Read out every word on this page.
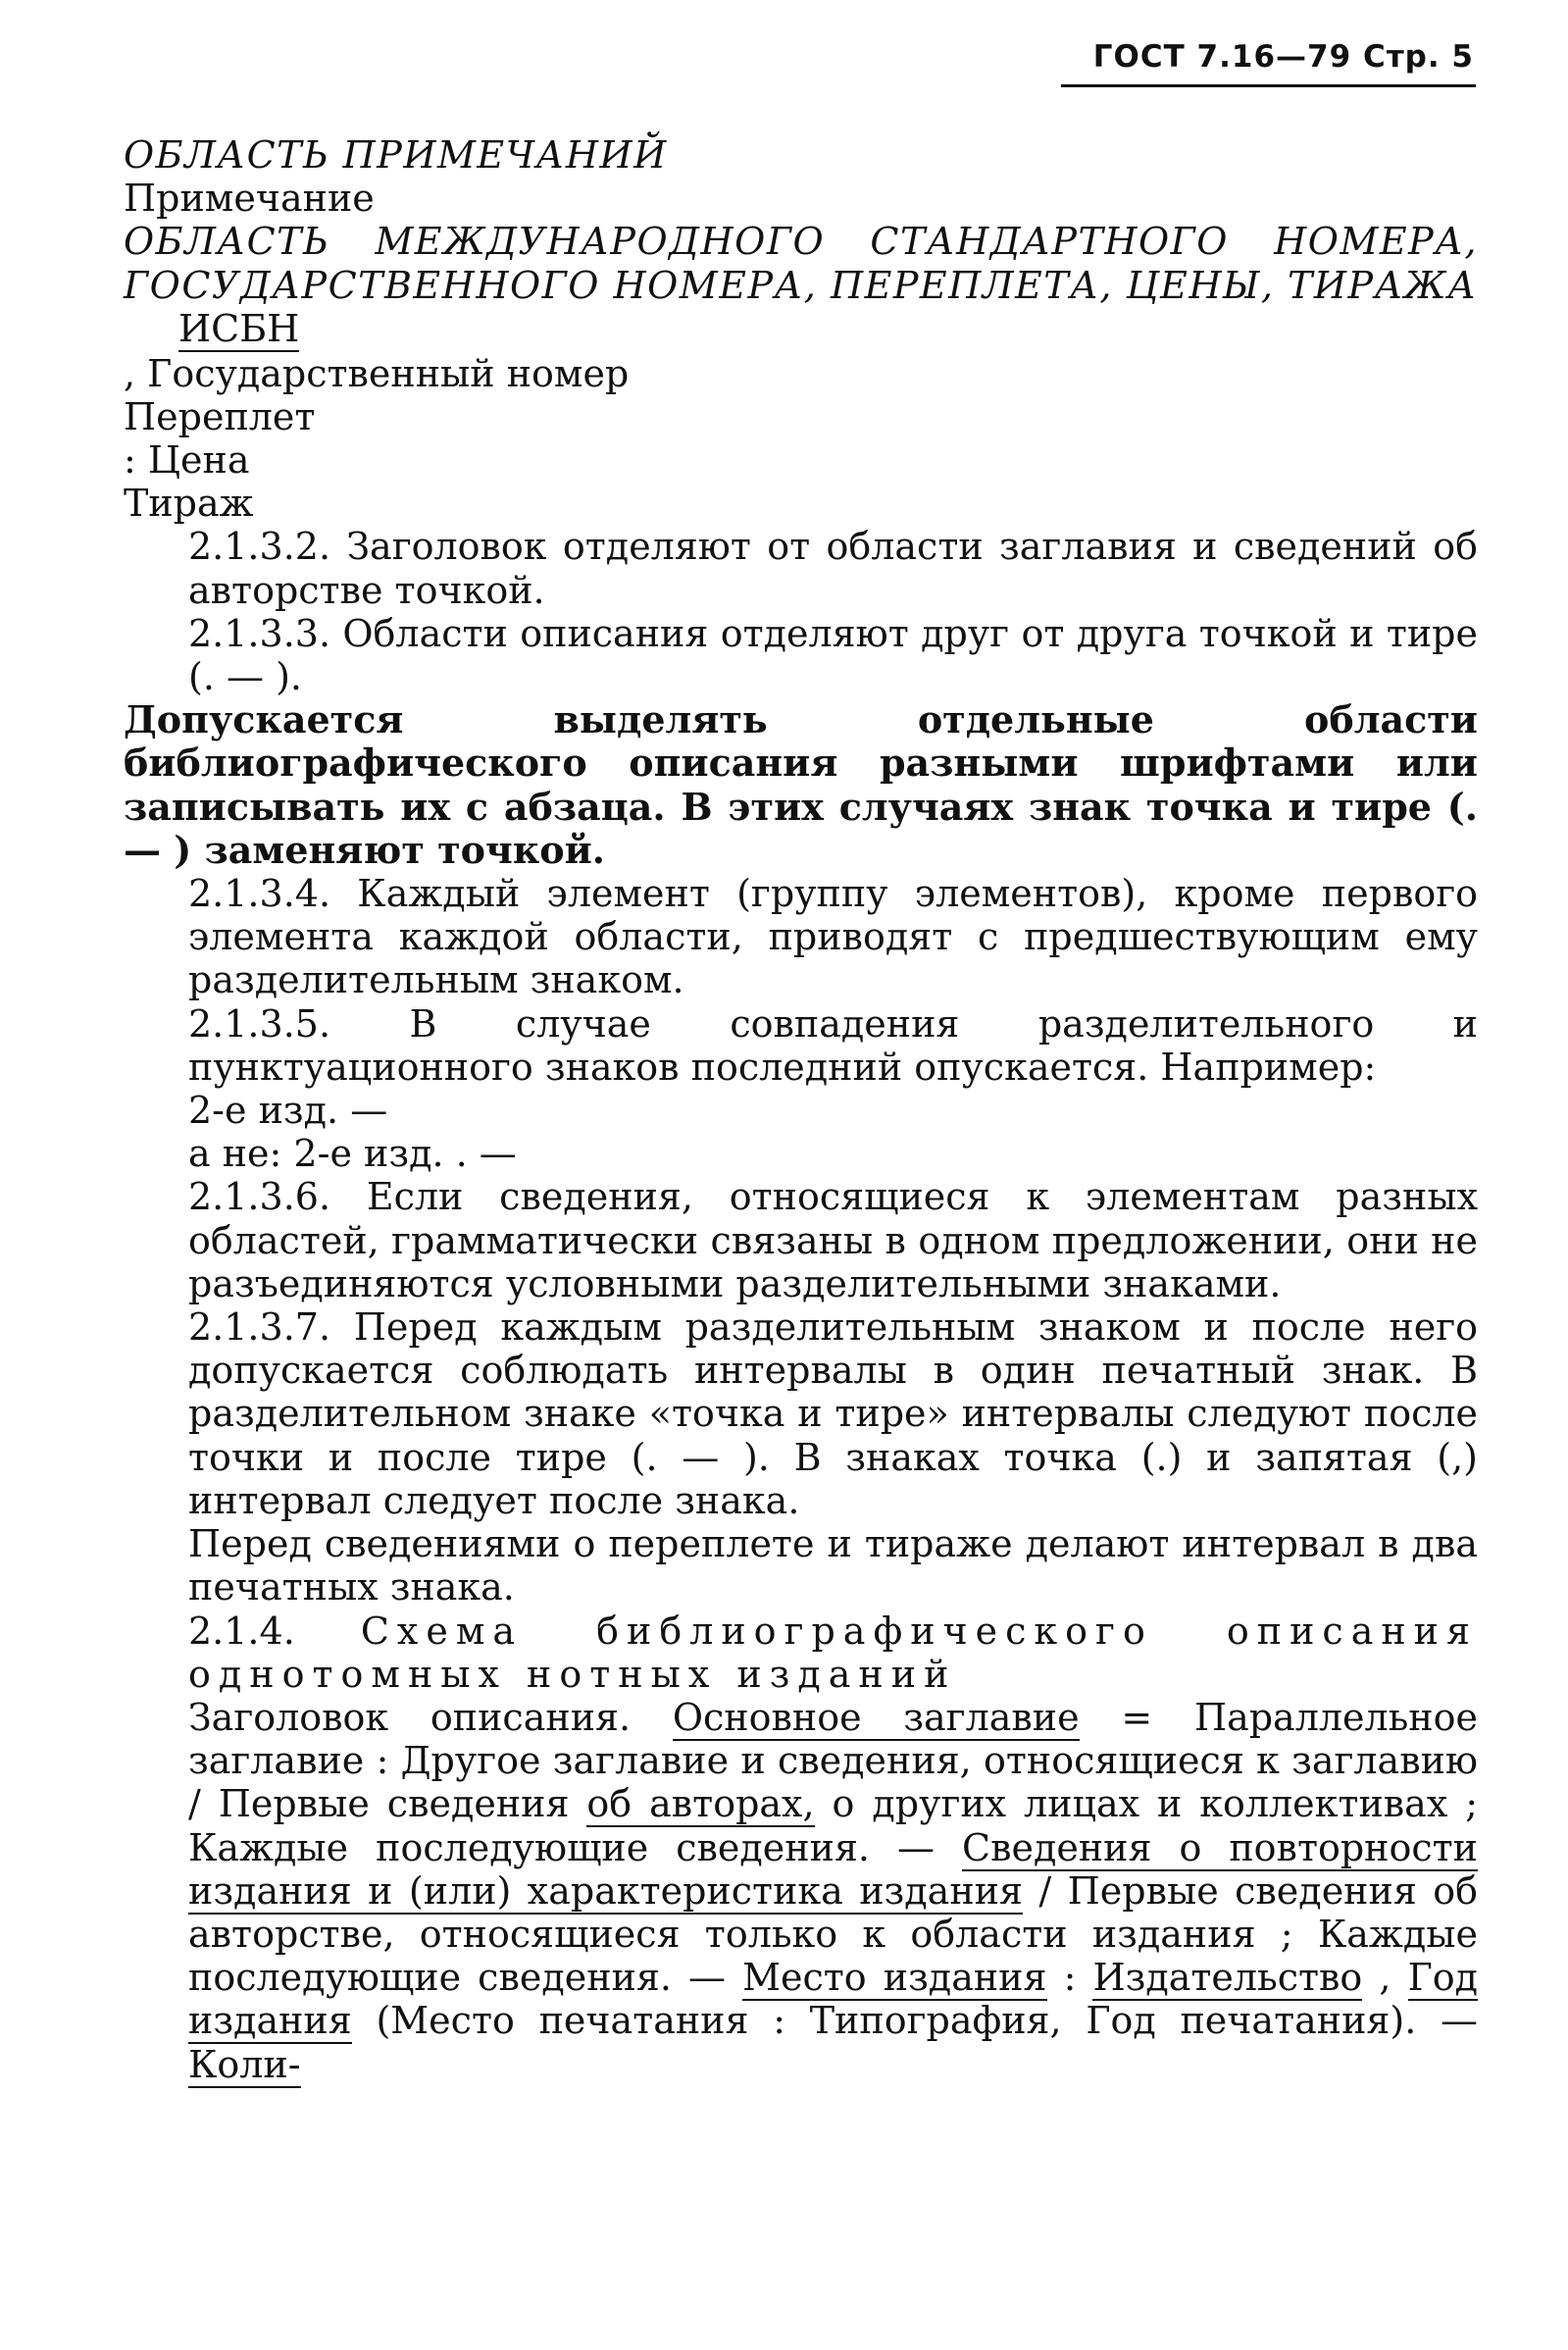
ГОСТ 7.16—79 Стр. 5

ОБЛАСТЬ ПРИМЕЧАНИЙ

Примечание

ОБЛАСТЬ МЕЖДУНАРОДНОГО СТАНДАРТНОГО НОМЕРА, ГОСУДАРСТВЕННОГО НОМЕРА, ПЕРЕПЛЕТА, ЦЕНЫ, ТИРАЖА

ИСБН

, Государственный номер

Переплет

: Цена

Тираж

2.1.3.2. Заголовок отделяют от области заглавия и сведений об авторстве точкой.

2.1.3.3. Области описания отделяют друг от друга точкой и тире (. — ).

Допускается выделять отдельные области библиографического описания разными шрифтами или записывать их с абзаца. В этих случаях знак точка и тире (. — ) заменяют точкой.

2.1.3.4. Каждый элемент (группу элементов), кроме первого элемента каждой области, приводят с предшествующим ему разделительным знаком.

2.1.3.5. В случае совпадения разделительного и пунктуационного знаков последний опускается. Например:

2-е изд. —

а не: 2-е изд. . —

2.1.3.6. Если сведения, относящиеся к элементам разных областей, грамматически связаны в одном предложении, они не разъединяются условными разделительными знаками.

2.1.3.7. Перед каждым разделительным знаком и после него допускается соблюдать интервалы в один печатный знак. В разделительном знаке «точка и тире» интервалы следуют после точки и после тире (. — ). В знаках точка (.) и запятая (,) интервал следует после знака.

Перед сведениями о переплете и тираже делают интервал в два печатных знака.

2.1.4. Схема библиографического описания однотомных нотных изданий

Заголовок описания. Основное заглавие = Параллельное заглавие : Другое заглавие и сведения, относящиеся к заглавию / Первые сведения об авторах, о других лицах и коллективах ; Каждые последующие сведения. — Сведения о повторности издания и (или) характеристика издания / Первые сведения об авторстве, относящиеся только к области издания ; Каждые последующие сведения. — Место издания : Издательство , Год издания (Место печатания : Типография, Год печатания). — Коли-
